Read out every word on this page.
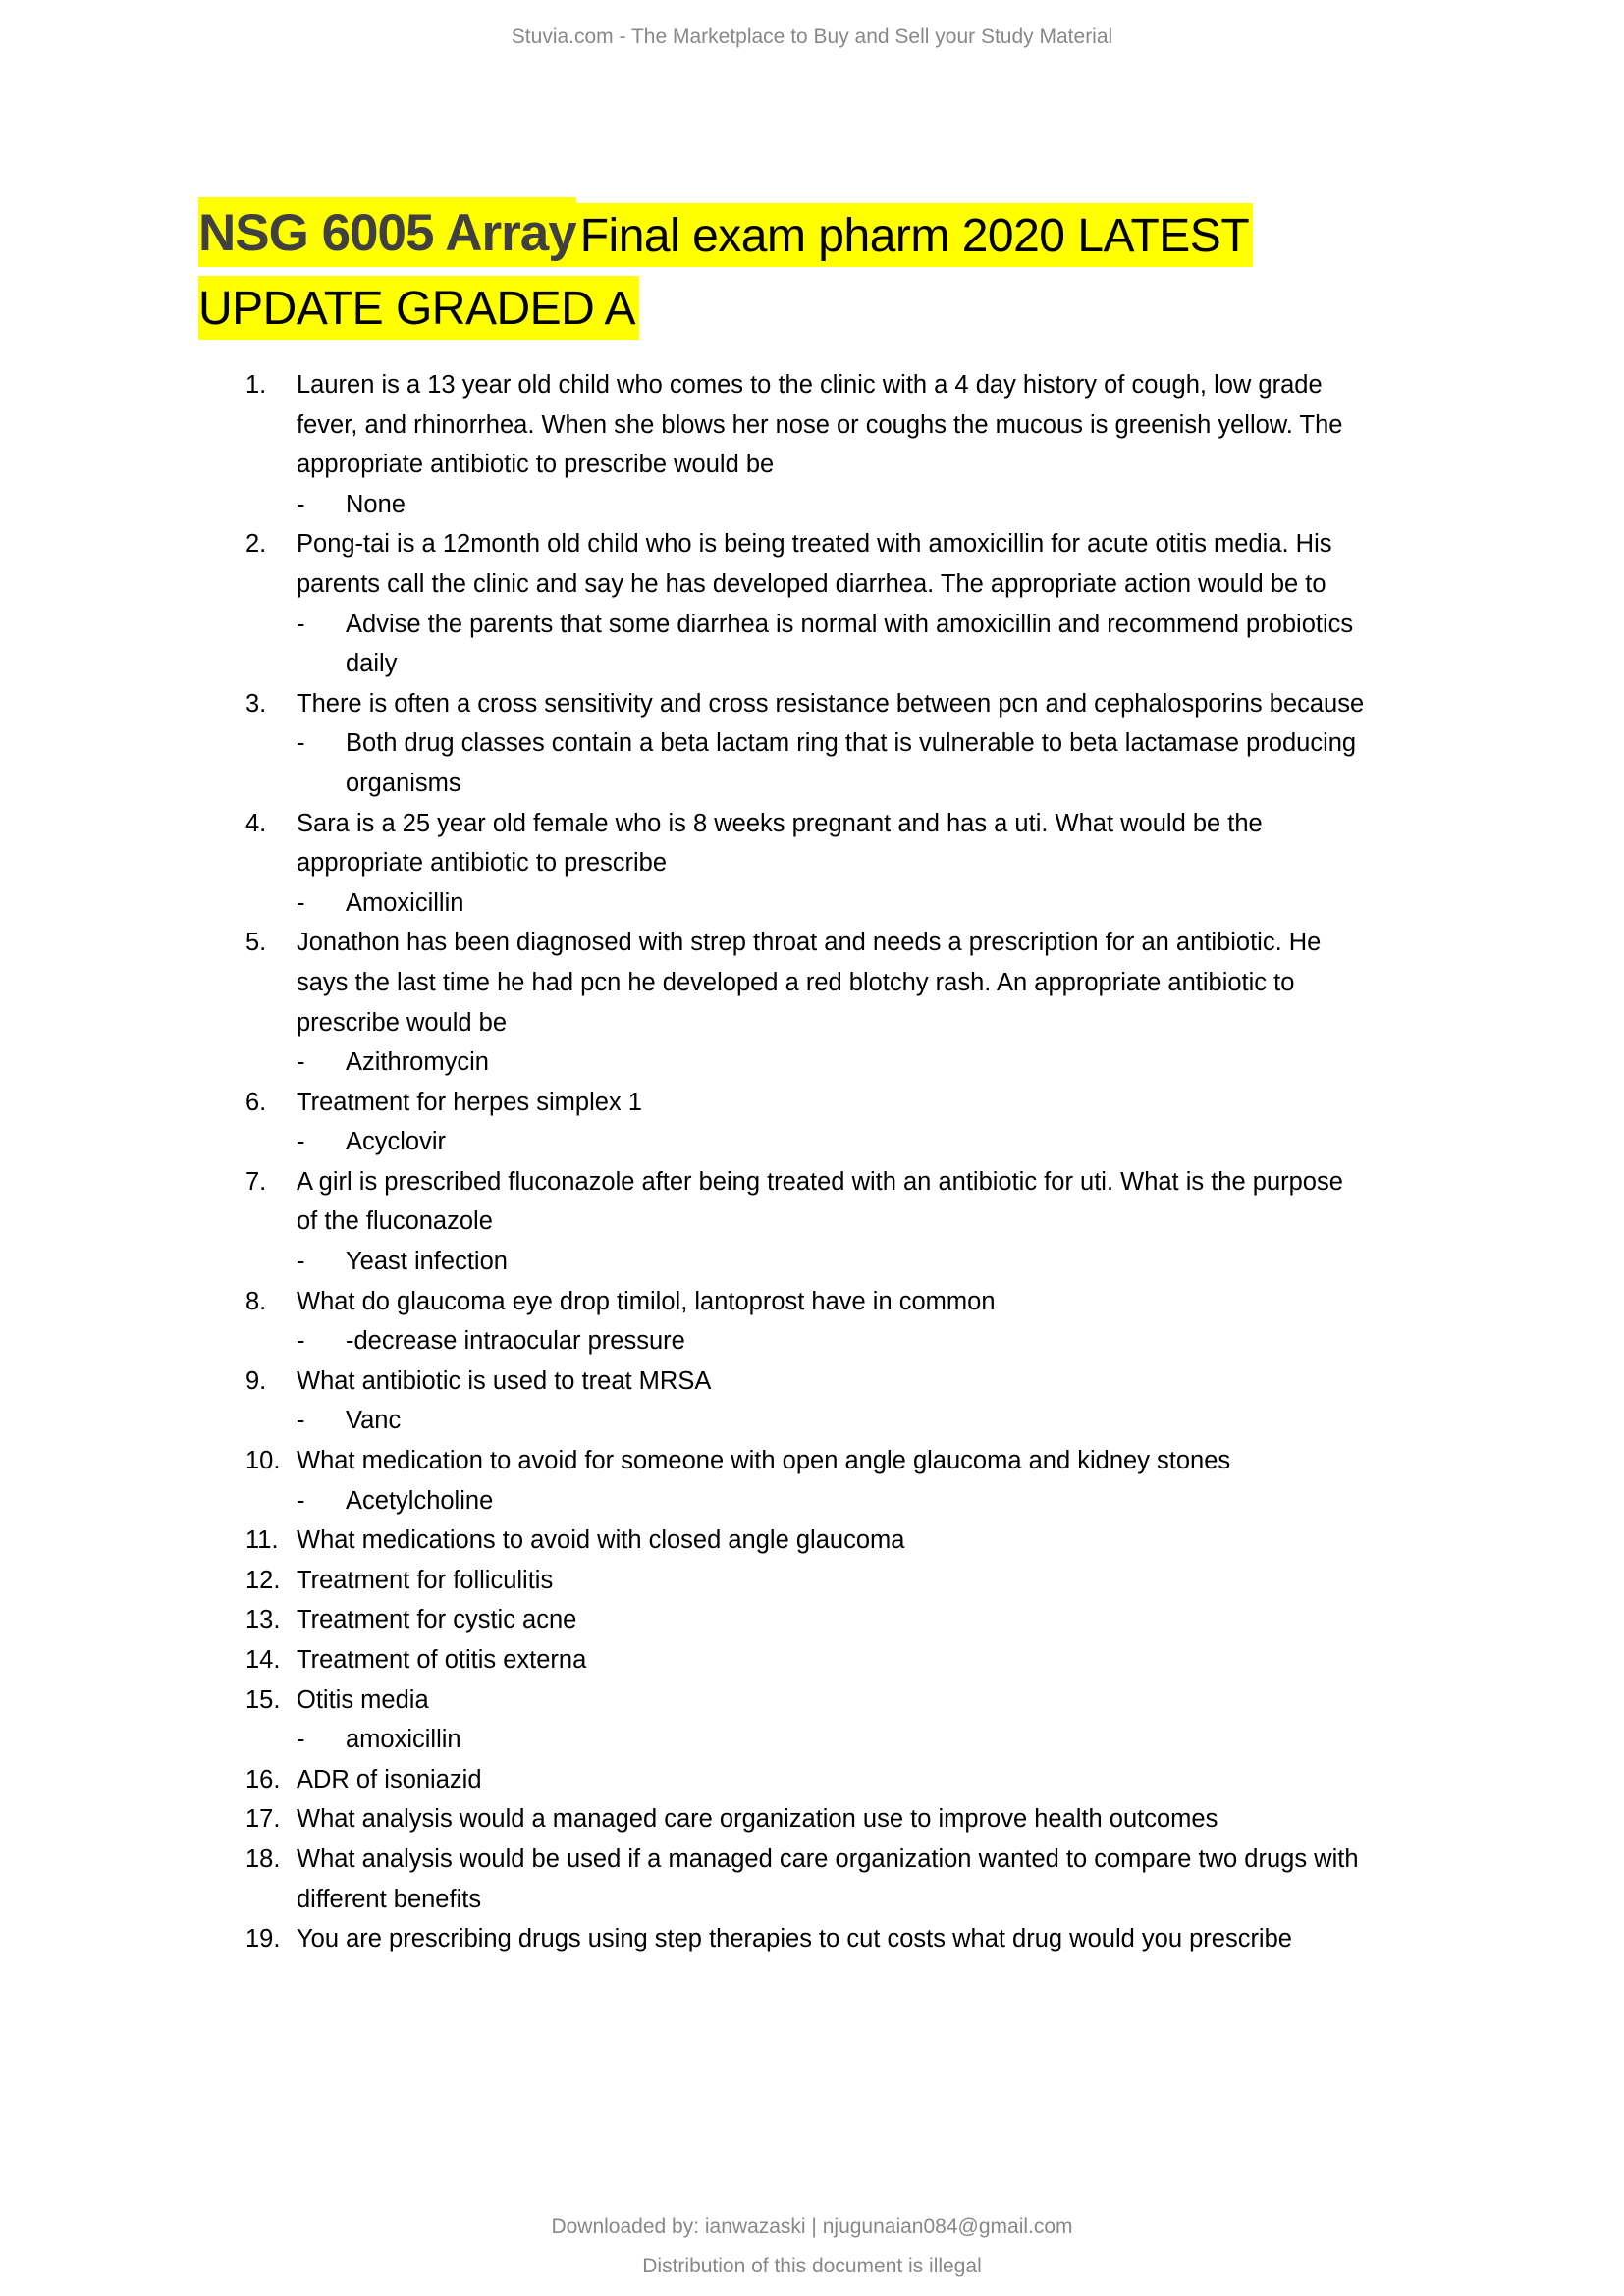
Stuvia.com - The Marketplace to Buy and Sell your Study Material
NSG 6005 Array Final exam pharm 2020 LATEST
UPDATE GRADED A
1. Lauren is a 13 year old child who comes to the clinic with a 4 day history of cough, low grade
fever, and rhinorrhea. When she blows her nose or coughs the mucous is greenish yellow. The
appropriate antibiotic to prescribe would be
- None
2. Pong-tai is a 12month old child who is being treated with amoxicillin for acute otitis media. His
parents call the clinic and say he has developed diarrhea. The appropriate action would be to
- Advise the parents that some diarrhea is normal with amoxicillin and recommend probiotics
daily
3. There is often a cross sensitivity and cross resistance between pcn and cephalosporins because
- Both drug classes contain a beta lactam ring that is vulnerable to beta lactamase producing
organisms
4. Sara is a 25 year old female who is 8 weeks pregnant and has a uti. What would be the
appropriate antibiotic to prescribe
- Amoxicillin
5. Jonathon has been diagnosed with strep throat and needs a prescription for an antibiotic. He
says the last time he had pcn he developed a red blotchy rash. An appropriate antibiotic to
prescribe would be
- Azithromycin
6. Treatment for herpes simplex 1
- Acyclovir
7. A girl is prescribed fluconazole after being treated with an antibiotic for uti. What is the purpose
of the fluconazole
- Yeast infection
8. What do glaucoma eye drop timilol, lantoprost have in common
- -decrease intraocular pressure
9. What antibiotic is used to treat MRSA
- Vanc
10. What medication to avoid for someone with open angle glaucoma and kidney stones
- Acetylcholine
11. What medications to avoid with closed angle glaucoma
12. Treatment for folliculitis
13. Treatment for cystic acne
14. Treatment of otitis externa
15. Otitis media
- amoxicillin
16. ADR of isoniazid
17. What analysis would a managed care organization use to improve health outcomes
18. What analysis would be used if a managed care organization wanted to compare two drugs with
different benefits
19. You are prescribing drugs using step therapies to cut costs what drug would you prescribe
Downloaded by: ianwazaski | njugunaian084@gmail.com
Distribution of this document is illegal
